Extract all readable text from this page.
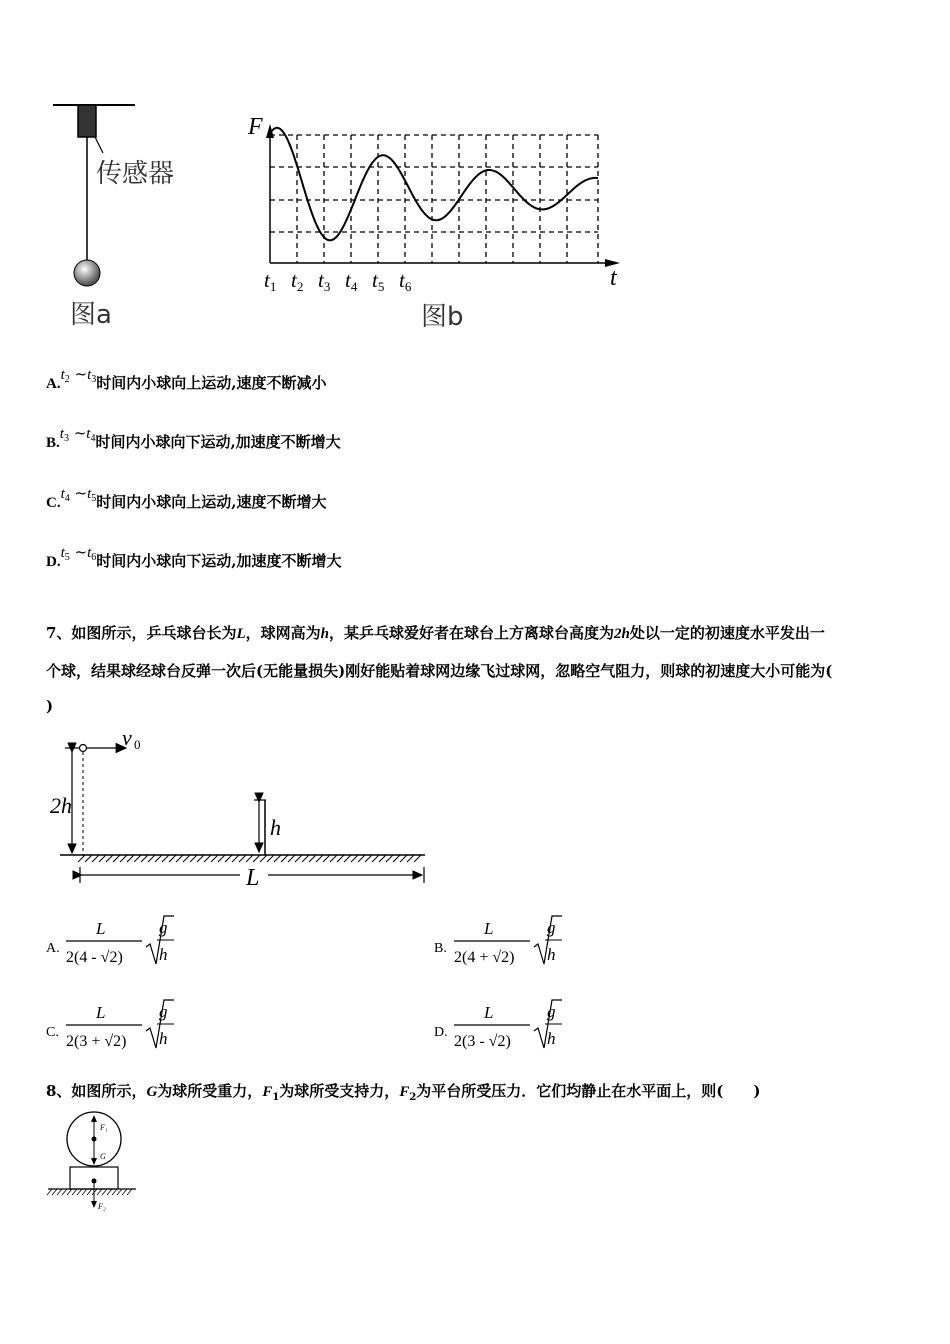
传感器
图a
F
t
t1 t2 t3 t4 t5 t6
图b
$A.t_2$ $\sim t_3$时间内小球向上运动,速度不断减小
$B.t_3$ $\sim t_4$时间内小球向下运动,加速度不断增大
$C.t_4$ $\sim t_5$时间内小球向上运动,速度不断增大
$D.t_5$ $\sim t_6$时间内小球向下运动,加速度不断增大
7、如图所示，乒乓球台长为L，球网高为h，某乒乓球爱好者在球台上方离球台高度为2h处以一定的初速度水平发出一
个球，结果球经球台反弹一次后(无能量损失)刚好能贴着球网边缘飞过球网，忽略空气阻力，则球的初速度大小可能为(
)
v 0
2h
h
L
A.
L
2(4 - √2)
g
h	B.
L
2(4 + √2)
g
h
C.
L
2(3 + √2)
g
h	D.
L
2(3 - √2)
g
h
8、如图所示，G为球所受重力，$F_1$为球所受支持力，$F_2$为平台所受压力．它们均静止在水平面上，则(　　)
F₁
G
F₂
